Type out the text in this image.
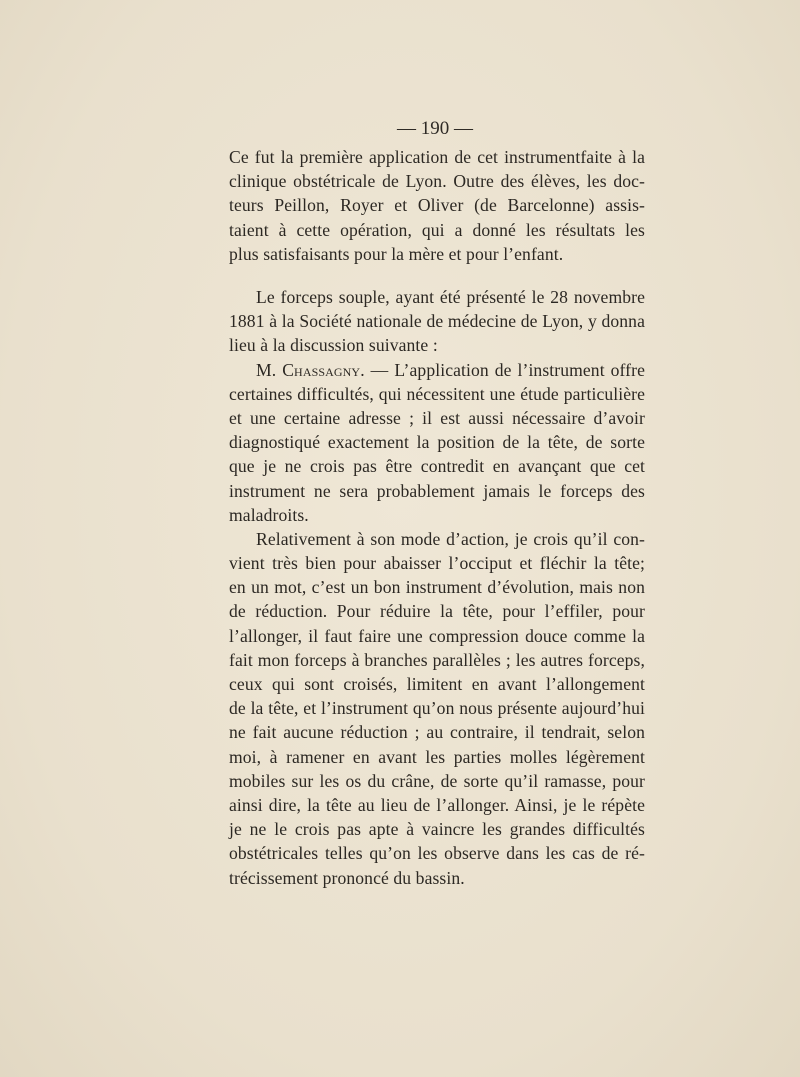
— 190 —
Ce fut la première application de cet instrumentfaite à la
clinique obstétricale de Lyon. Outre des élèves, les doc-
teurs Peillon, Royer et Oliver (de Barcelonne) assis-
taient à cette opération, qui a donné les résultats les
plus satisfaisants pour la mère et pour l’enfant.
Le forceps souple, ayant été présenté le 28 novembre
1881 à la Société nationale de médecine de Lyon, y donna
lieu à la discussion suivante :
M. Chassagny. — L’application de l’instrument offre
certaines difficultés, qui nécessitent une étude particulière
et une certaine adresse ; il est aussi nécessaire d’avoir
diagnostiqué exactement la position de la tête, de sorte
que je ne crois pas être contredit en avançant que cet
instrument ne sera probablement jamais le forceps des
maladroits.
Relativement à son mode d’action, je crois qu’il con-
vient très bien pour abaisser l’occiput et fléchir la tête;
en un mot, c’est un bon instrument d’évolution, mais non
de réduction. Pour réduire la tête, pour l’effiler, pour
l’allonger, il faut faire une compression douce comme la
fait mon forceps à branches parallèles ; les autres forceps,
ceux qui sont croisés, limitent en avant l’allongement
de la tête, et l’instrument qu’on nous présente aujourd’hui
ne fait aucune réduction ; au contraire, il tendrait, selon
moi, à ramener en avant les parties molles légèrement
mobiles sur les os du crâne, de sorte qu’il ramasse, pour
ainsi dire, la tête au lieu de l’allonger. Ainsi, je le répète
je ne le crois pas apte à vaincre les grandes difficultés
obstétricales telles qu’on les observe dans les cas de ré-
trécissement prononcé du bassin.
